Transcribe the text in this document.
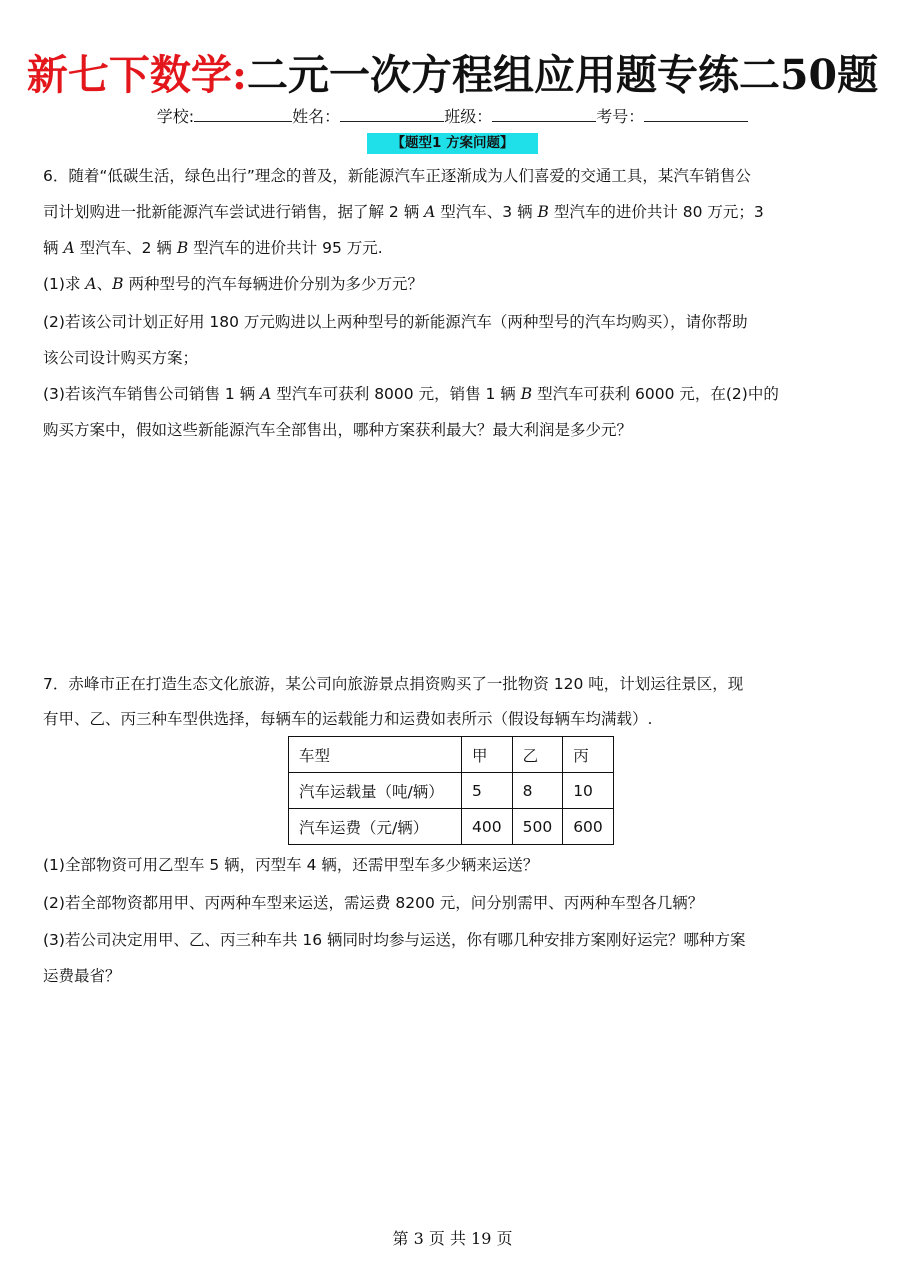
新七下数学:二元一次方程组应用题专练二50题
学校:	姓名：	班级：	考号：
【题型1 方案问题】
6．随着“低碳生活，绿色出行”理念的普及，新能源汽车正逐渐成为人们喜爱的交通工具，某汽车销售公
司计划购进一批新能源汽车尝试进行销售，据了解 2 辆 A 型汽车、3 辆 B 型汽车的进价共计 80 万元；3
辆 A 型汽车、2 辆 B 型汽车的进价共计 95 万元.
(1)求 A、B 两种型号的汽车每辆进价分别为多少万元？
(2)若该公司计划正好用 180 万元购进以上两种型号的新能源汽车（两种型号的汽车均购买），请你帮助
该公司设计购买方案；
(3)若该汽车销售公司销售 1 辆 A 型汽车可获利 8000 元，销售 1 辆 B 型汽车可获利 6000 元，在(2)中的
购买方案中，假如这些新能源汽车全部售出，哪种方案获利最大？最大利润是多少元？
7．赤峰市正在打造生态文化旅游，某公司向旅游景点捐资购买了一批物资 120 吨，计划运往景区，现
有甲、乙、丙三种车型供选择，每辆车的运载能力和运费如表所示（假设每辆车均满载）.
车型	甲	乙	丙
汽车运载量（吨/辆）	5	8	10
汽车运费（元/辆）	400	500	600
(1)全部物资可用乙型车 5 辆，丙型车 4 辆，还需甲型车多少辆来运送？
(2)若全部物资都用甲、丙两种车型来运送，需运费 8200 元，问分别需甲、丙两种车型各几辆？
(3)若公司决定用甲、乙、丙三种车共 16 辆同时均参与运送，你有哪几种安排方案刚好运完？哪种方案
运费最省？
第 3 页 共 19 页
